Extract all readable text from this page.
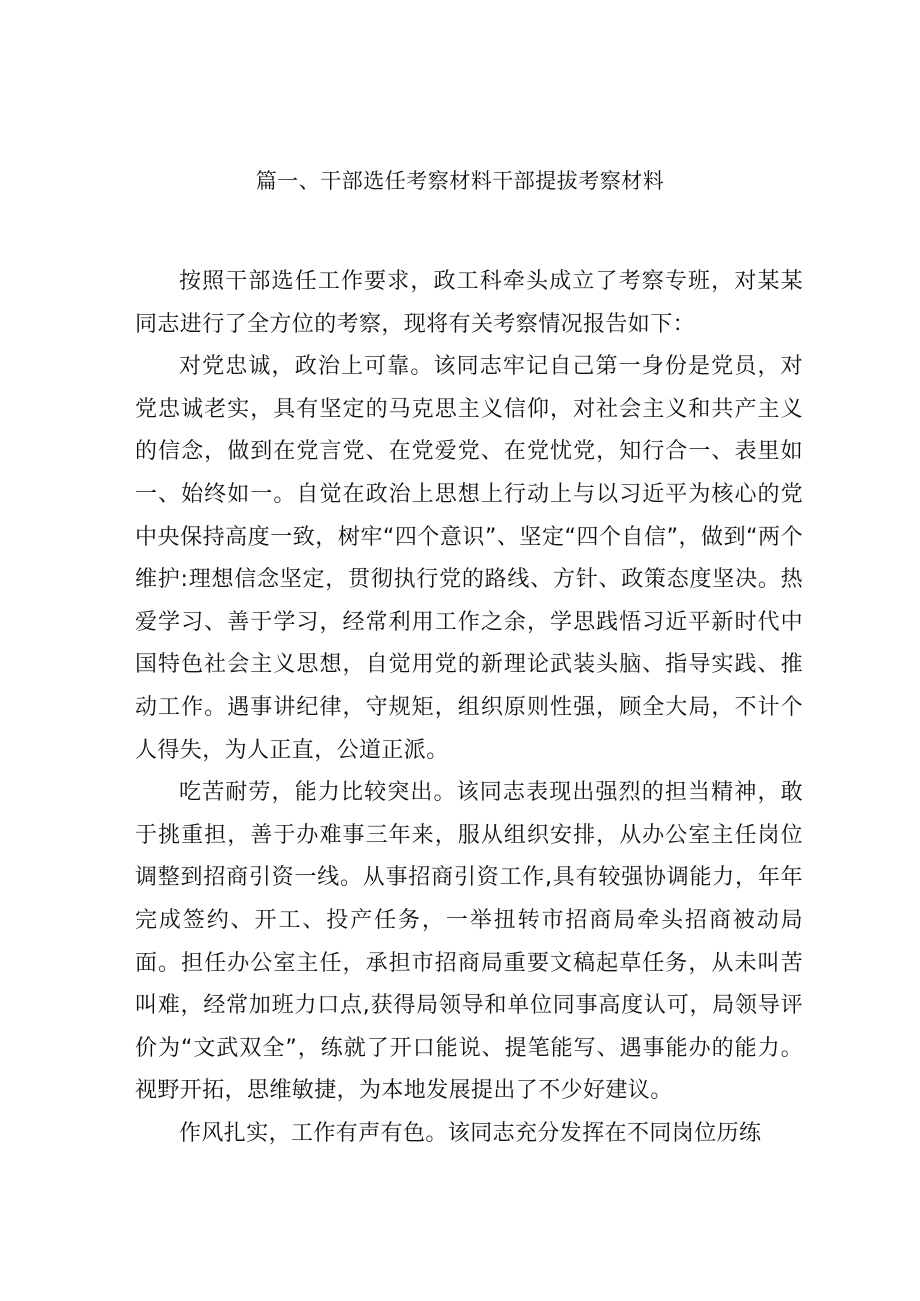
篇一、干部选任考察材料干部提拔考察材料

按照干部选任工作要求，政工科牵头成立了考察专班，对某某同志进行了全方位的考察，现将有关考察情况报告如下：

对党忠诚，政治上可靠。该同志牢记自己第一身份是党员，对党忠诚老实，具有坚定的马克思主义信仰，对社会主义和共产主义的信念，做到在党言党、在党爱党、在党忧党，知行合一、表里如一、始终如一。自觉在政治上思想上行动上与以习近平为核心的党中央保持高度一致，树牢“四个意识”、坚定“四个自信”，做到“两个维护:理想信念坚定，贯彻执行党的路线、方针、政策态度坚决。热爱学习、善于学习，经常利用工作之余，学思践悟习近平新时代中国特色社会主义思想，自觉用党的新理论武装头脑、指导实践、推动工作。遇事讲纪律，守规矩，组织原则性强，顾全大局，不计个人得失，为人正直，公道正派。

吃苦耐劳，能力比较突出。该同志表现出强烈的担当精神，敢于挑重担，善于办难事三年来，服从组织安排，从办公室主任岗位调整到招商引资一线。从事招商引资工作,具有较强协调能力，年年完成签约、开工、投产任务，一举扭转市招商局牵头招商被动局面。担任办公室主任，承担市招商局重要文稿起草任务，从未叫苦叫难，经常加班力口点,获得局领导和单位同事高度认可，局领导评价为“文武双全”，练就了开口能说、提笔能写、遇事能办的能力。视野开拓，思维敏捷，为本地发展提出了不少好建议。

作风扎实，工作有声有色。该同志充分发挥在不同岗位历练
